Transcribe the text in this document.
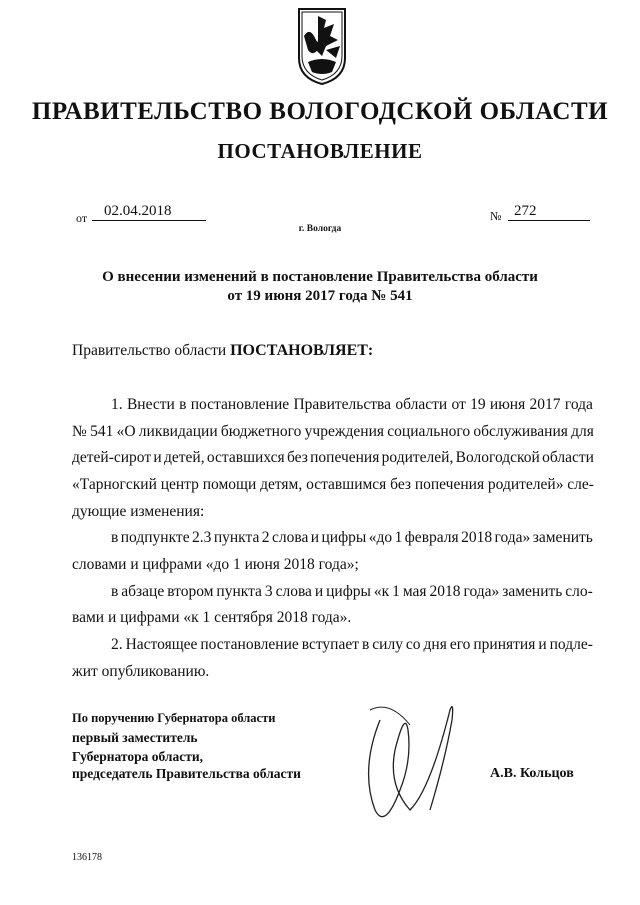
ПРАВИТЕЛЬСТВО ВОЛОГОДСКОЙ ОБЛАСТИ
ПОСТАНОВЛЕНИЕ
от	02.04.2018	№ 272
г. Вологда
О внесении изменений в постановление Правительства области
от 19 июня 2017 года № 541
Правительство области ПОСТАНОВЛЯЕТ:
1. Внести в постановление Правительства области от 19 июня 2017 года
№ 541 «О ликвидации бюджетного учреждения социального обслуживания для
детей-сирот и детей, оставшихся без попечения родителей, Вологодской области
«Тарногский центр помощи детям, оставшимся без попечения родителей» сле-
дующие изменения:
в подпункте 2.3 пункта 2 слова и цифры «до 1 февраля 2018 года» заменить
словами и цифрами «до 1 июня 2018 года»;
в абзаце втором пункта 3 слова и цифры «к 1 мая 2018 года» заменить сло-
вами и цифрами «к 1 сентября 2018 года».
2. Настоящее постановление вступает в силу со дня его принятия и подле-
жит опубликованию.
По поручению Губернатора области
первый заместитель
Губернатора области,
председатель Правительства области	А.В. Кольцов
136178
